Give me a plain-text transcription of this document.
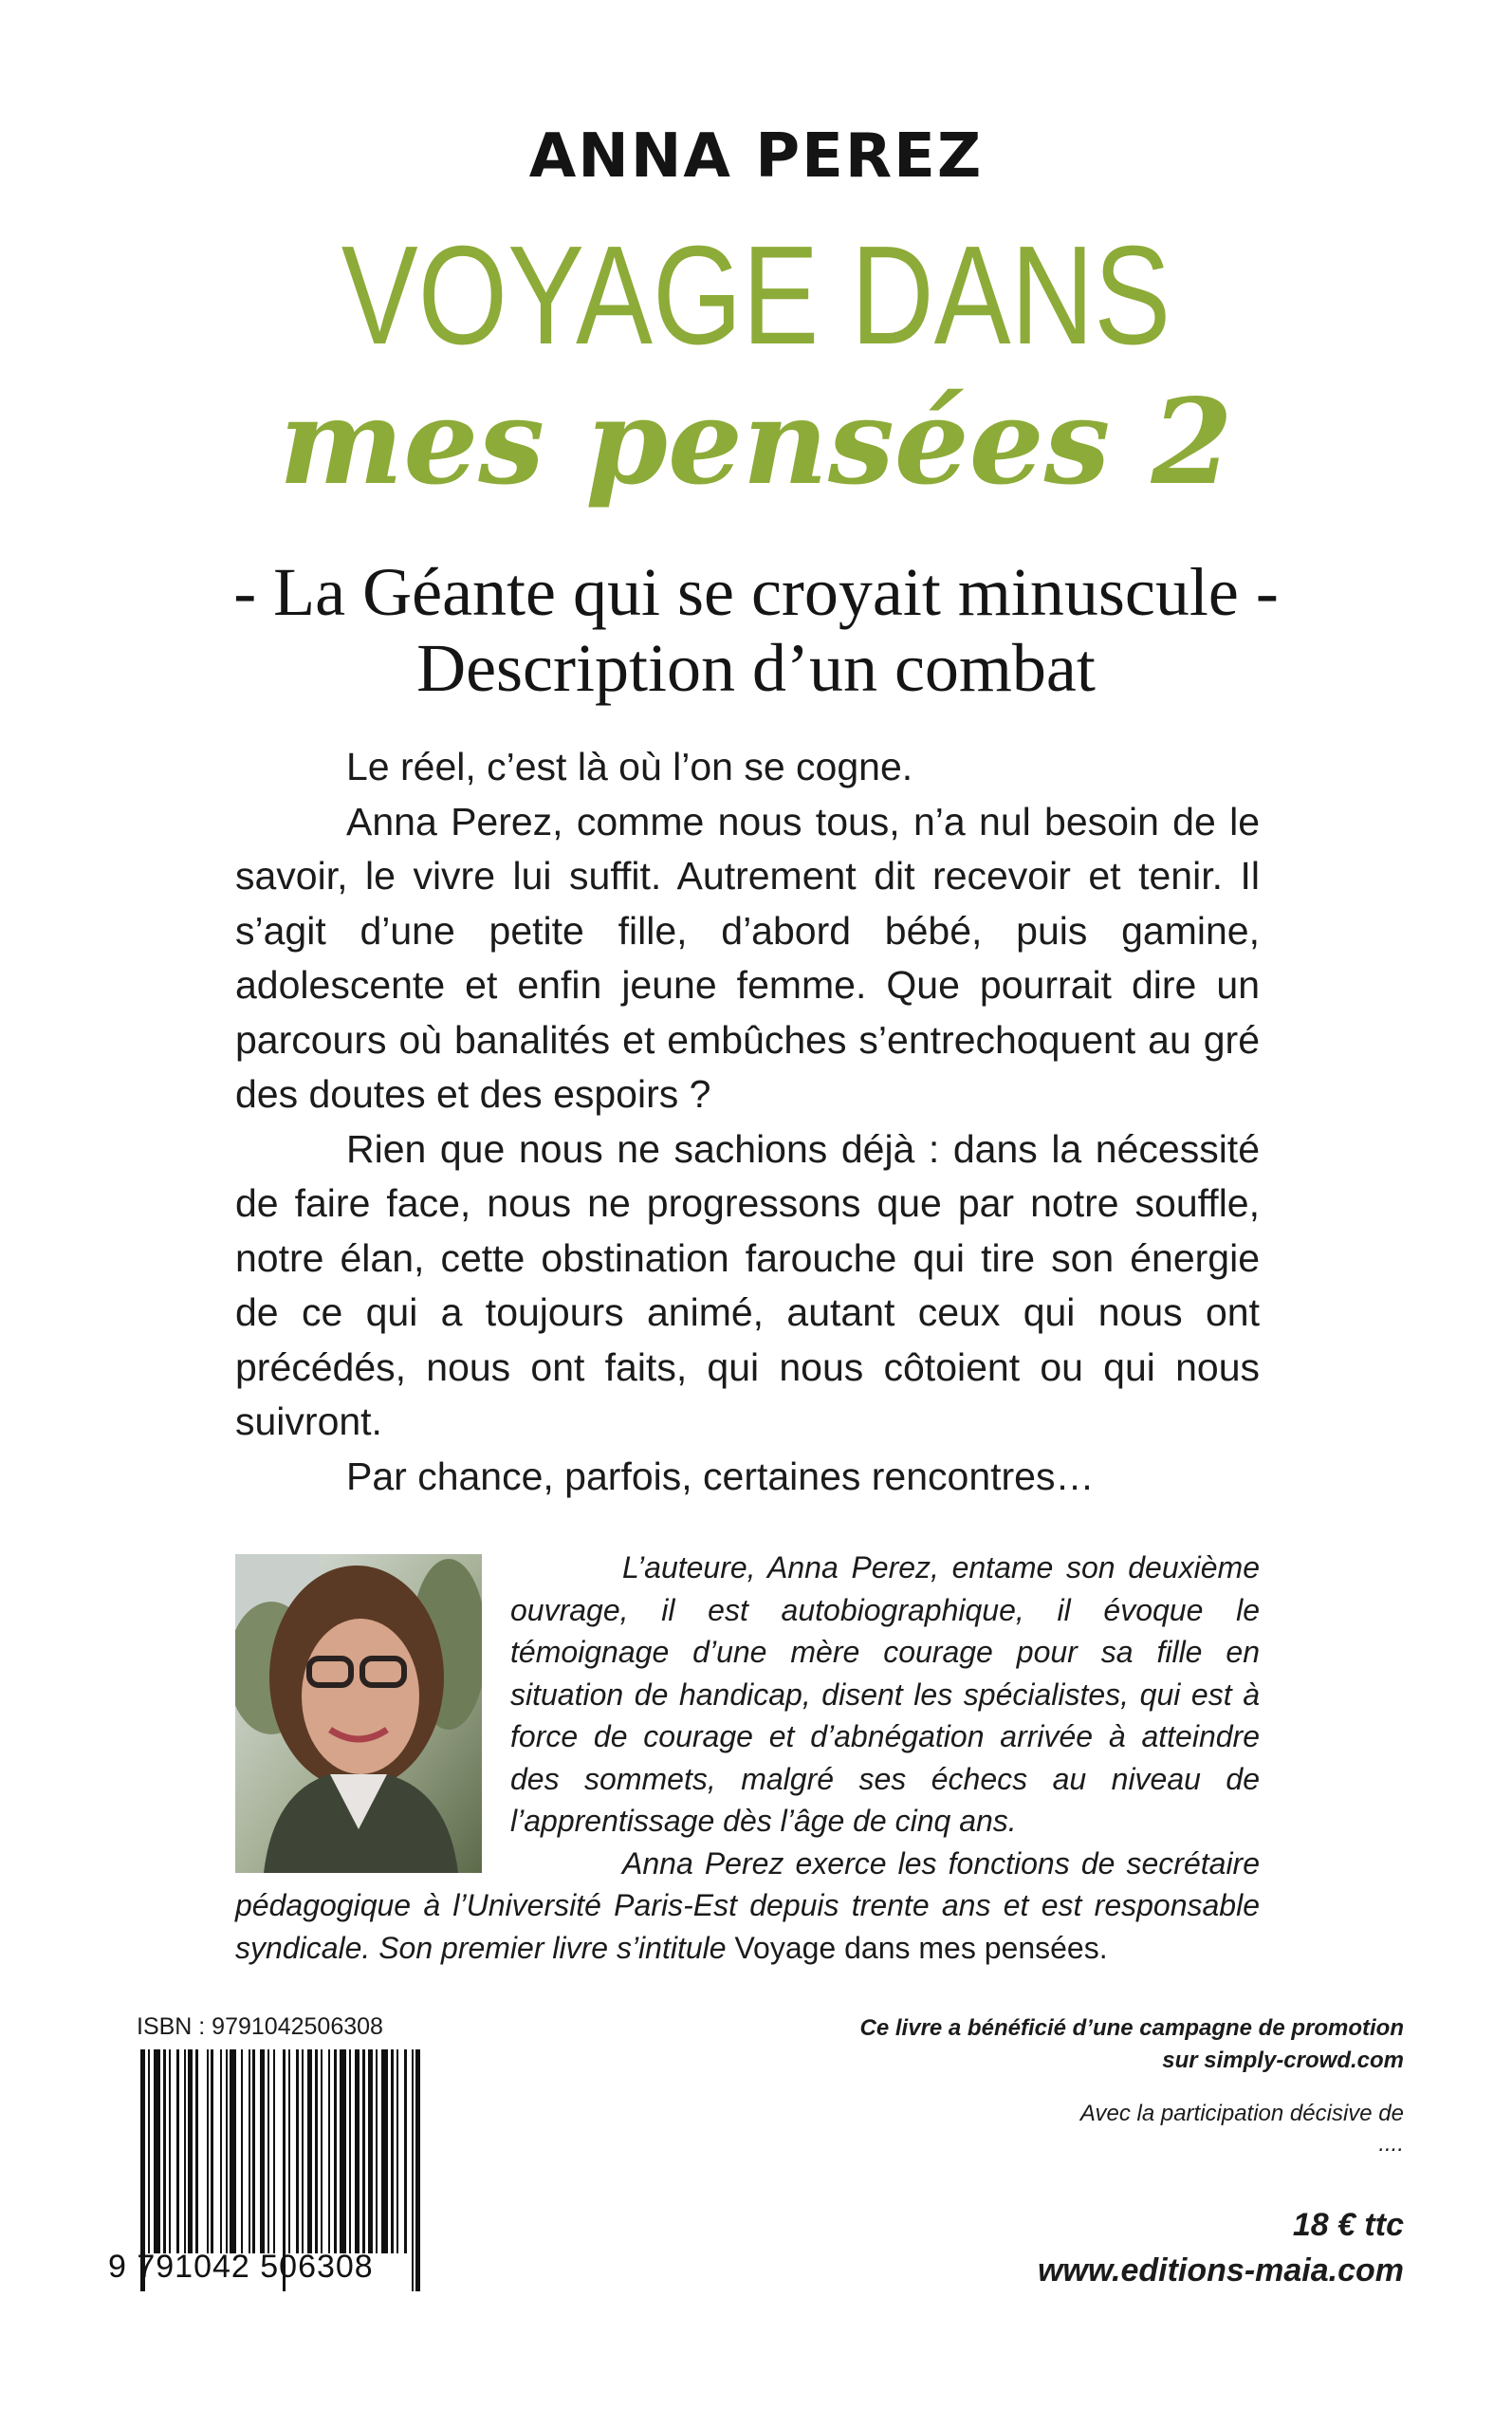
ANNA PEREZ
VOYAGE DANS
mes pensées 2
- La Géante qui se croyait minuscule -
Description d’un combat

Le réel, c’est là où l’on se cogne.

Anna Perez, comme nous tous, n’a nul besoin de le savoir, le vivre lui suffit. Autrement dit recevoir et tenir. Il s’agit d’une petite fille, d’abord bébé, puis gamine, adolescente et enfin jeune femme. Que pourrait dire un parcours où banalités et embûches s’entrechoquent au gré des doutes et des espoirs ?

Rien que nous ne sachions déjà : dans la nécessité de faire face, nous ne progressons que par notre souffle, notre élan, cette obstination farouche qui tire son énergie de ce qui a toujours animé, autant ceux qui nous ont précédés, nous ont faits, qui nous côtoient ou qui nous suivront.

Par chance, parfois, certaines rencontres…

L’auteure, Anna Perez, entame son deuxième ouvrage, il est autobiographique, il évoque le témoignage d’une mère courage pour sa fille en situation de handicap, disent les spécialistes, qui est à force de courage et d’abnégation arrivée à atteindre des sommets, malgré ses échecs au niveau de l’apprentissage dès l’âge de cinq ans.

Anna Perez exerce les fonctions de secrétaire pédagogique à l’Université Paris-Est depuis trente ans et est responsable syndicale. Son premier livre s’intitule Voyage dans mes pensées.

ISBN : 9791042506308
9 791042 506308
Ce livre a bénéficié d’une campagne de promotion
sur simply-crowd.com
Avec la participation décisive de
....
18 € ttc
www.editions-maia.com
